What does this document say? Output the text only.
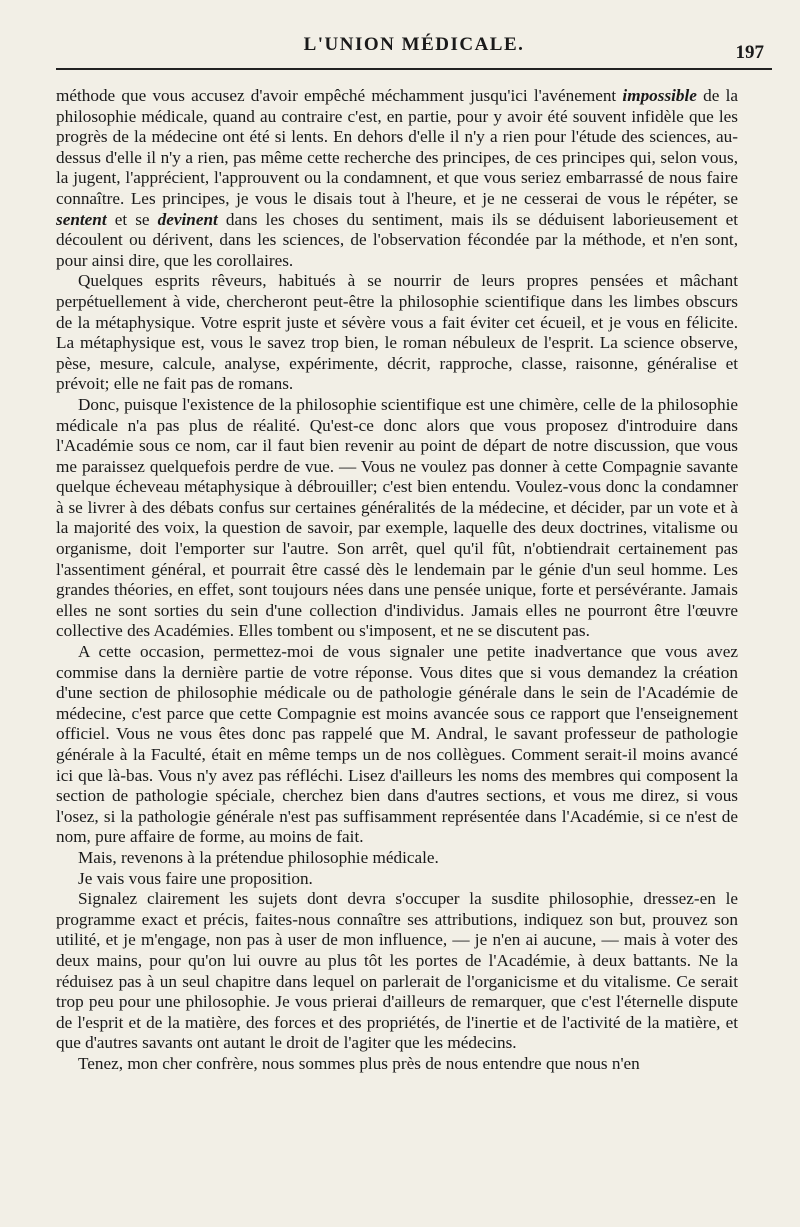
L'UNION MÉDICALE.	197

méthode que vous accusez d'avoir empêché méchamment jusqu'ici l'avénement impossible de la philosophie médicale, quand au contraire c'est, en partie, pour y avoir été souvent infidèle que les progrès de la médecine ont été si lents. En dehors d'elle il n'y a rien pour l'étude des sciences, au-dessus d'elle il n'y a rien, pas même cette recherche des principes, de ces principes qui, selon vous, la jugent, l'apprécient, l'approuvent ou la condamnent, et que vous seriez embarrassé de nous faire connaître. Les principes, je vous le disais tout à l'heure, et je ne cesserai de vous le répéter, se sentent et se devinent dans les choses du sentiment, mais ils se déduisent laborieusement et découlent ou dérivent, dans les sciences, de l'observation fécondée par la méthode, et n'en sont, pour ainsi dire, que les corollaires.

Quelques esprits rêveurs, habitués à se nourrir de leurs propres pensées et mâchant perpétuellement à vide, chercheront peut-être la philosophie scientifique dans les limbes obscurs de la métaphysique. Votre esprit juste et sévère vous a fait éviter cet écueil, et je vous en félicite. La métaphysique est, vous le savez trop bien, le roman nébuleux de l'esprit. La science observe, pèse, mesure, calcule, analyse, expérimente, décrit, rapproche, classe, raisonne, généralise et prévoit; elle ne fait pas de romans.

Donc, puisque l'existence de la philosophie scientifique est une chimère, celle de la philosophie médicale n'a pas plus de réalité. Qu'est-ce donc alors que vous proposez d'introduire dans l'Académie sous ce nom, car il faut bien revenir au point de départ de notre discussion, que vous me paraissez quelquefois perdre de vue. — Vous ne voulez pas donner à cette Compagnie savante quelque écheveau métaphysique à débrouiller; c'est bien entendu. Voulez-vous donc la condamner à se livrer à des débats confus sur certaines généralités de la médecine, et décider, par un vote et à la majorité des voix, la question de savoir, par exemple, laquelle des deux doctrines, vitalisme ou organisme, doit l'emporter sur l'autre. Son arrêt, quel qu'il fût, n'obtiendrait certainement pas l'assentiment général, et pourrait être cassé dès le lendemain par le génie d'un seul homme. Les grandes théories, en effet, sont toujours nées dans une pensée unique, forte et persévérante. Jamais elles ne sont sorties du sein d'une collection d'individus. Jamais elles ne pourront être l'œuvre collective des Académies. Elles tombent ou s'imposent, et ne se discutent pas.

A cette occasion, permettez-moi de vous signaler une petite inadvertance que vous avez commise dans la dernière partie de votre réponse. Vous dites que si vous demandez la création d'une section de philosophie médicale ou de pathologie générale dans le sein de l'Académie de médecine, c'est parce que cette Compagnie est moins avancée sous ce rapport que l'enseignement officiel. Vous ne vous êtes donc pas rappelé que M. Andral, le savant professeur de pathologie générale à la Faculté, était en même temps un de nos collègues. Comment serait-il moins avancé ici que là-bas. Vous n'y avez pas réfléchi. Lisez d'ailleurs les noms des membres qui composent la section de pathologie spéciale, cherchez bien dans d'autres sections, et vous me direz, si vous l'osez, si la pathologie générale n'est pas suffisamment représentée dans l'Académie, si ce n'est de nom, pure affaire de forme, au moins de fait.

Mais, revenons à la prétendue philosophie médicale.

Je vais vous faire une proposition.

Signalez clairement les sujets dont devra s'occuper la susdite philosophie, dressez-en le programme exact et précis, faites-nous connaître ses attributions, indiquez son but, prouvez son utilité, et je m'engage, non pas à user de mon influence, — je n'en ai aucune, — mais à voter des deux mains, pour qu'on lui ouvre au plus tôt les portes de l'Académie, à deux battants. Ne la réduisez pas à un seul chapitre dans lequel on parlerait de l'organicisme et du vitalisme. Ce serait trop peu pour une philosophie. Je vous prierai d'ailleurs de remarquer, que c'est l'éternelle dispute de l'esprit et de la matière, des forces et des propriétés, de l'inertie et de l'activité de la matière, et que d'autres savants ont autant le droit de l'agiter que les médecins.

Tenez, mon cher confrère, nous sommes plus près de nous entendre que nous n'en
